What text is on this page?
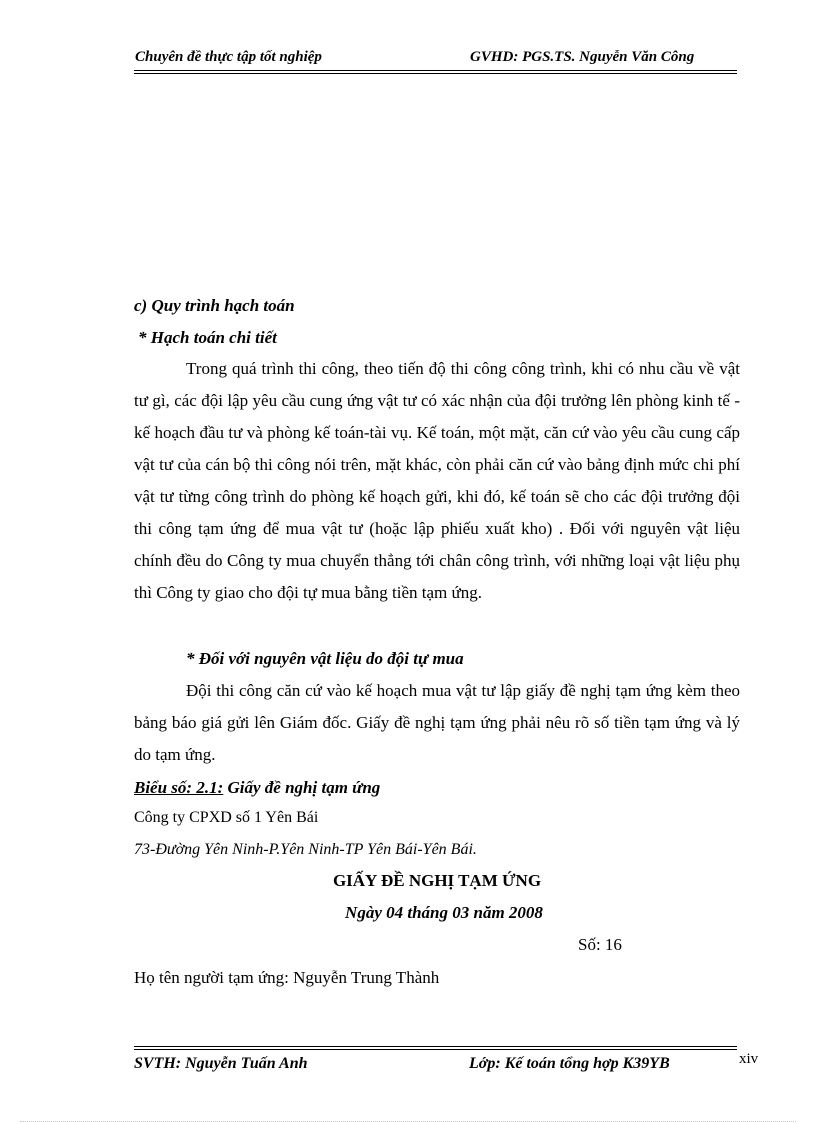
Chuyên đề thực tập tốt nghiệp	GVHD: PGS.TS. Nguyễn Văn Công
c) Quy trình hạch toán
* Hạch toán chi tiết
Trong quá trình thi công, theo tiến độ thi công công trình, khi có nhu cầu về vật tư gì, các đội lập yêu cầu cung ứng vật tư có xác nhận của đội trưởng lên phòng kinh tế - kế hoạch đầu tư và phòng kế toán-tài vụ. Kế toán, một mặt, căn cứ vào yêu cầu cung cấp vật tư của cán bộ thi công nói trên, mặt khác, còn phải căn cứ vào bảng định mức chi phí vật tư từng công trình do phòng kế hoạch gửi, khi đó, kế toán sẽ cho các đội trưởng đội thi công tạm ứng để mua vật tư (hoặc lập phiếu xuất kho) . Đối với nguyên vật liệu chính đều do Công ty mua chuyển thẳng tới chân công trình, với những loại vật liệu phụ thì Công ty giao cho đội tự mua bằng tiền tạm ứng.
* Đối với nguyên vật liệu do đội tự mua
Đội thi công căn cứ vào kế hoạch mua vật tư lập giấy đề nghị tạm ứng kèm theo bảng báo giá gửi lên Giám đốc. Giấy đề nghị tạm ứng phải nêu rõ số tiền tạm ứng và lý do tạm ứng.
Biểu số: 2.1: Giấy đề nghị tạm ứng
Công ty CPXD số 1 Yên Bái
73-Đường Yên Ninh-P.Yên Ninh-TP Yên Bái-Yên Bái.
GIẤY ĐỀ NGHỊ TẠM ỨNG
Ngày 04 tháng 03 năm 2008
Số: 16
Họ tên người tạm ứng: Nguyễn Trung Thành
SVTH: Nguyễn Tuấn Anh	Lớp: Kế toán tổng hợp K39YB	xiv
